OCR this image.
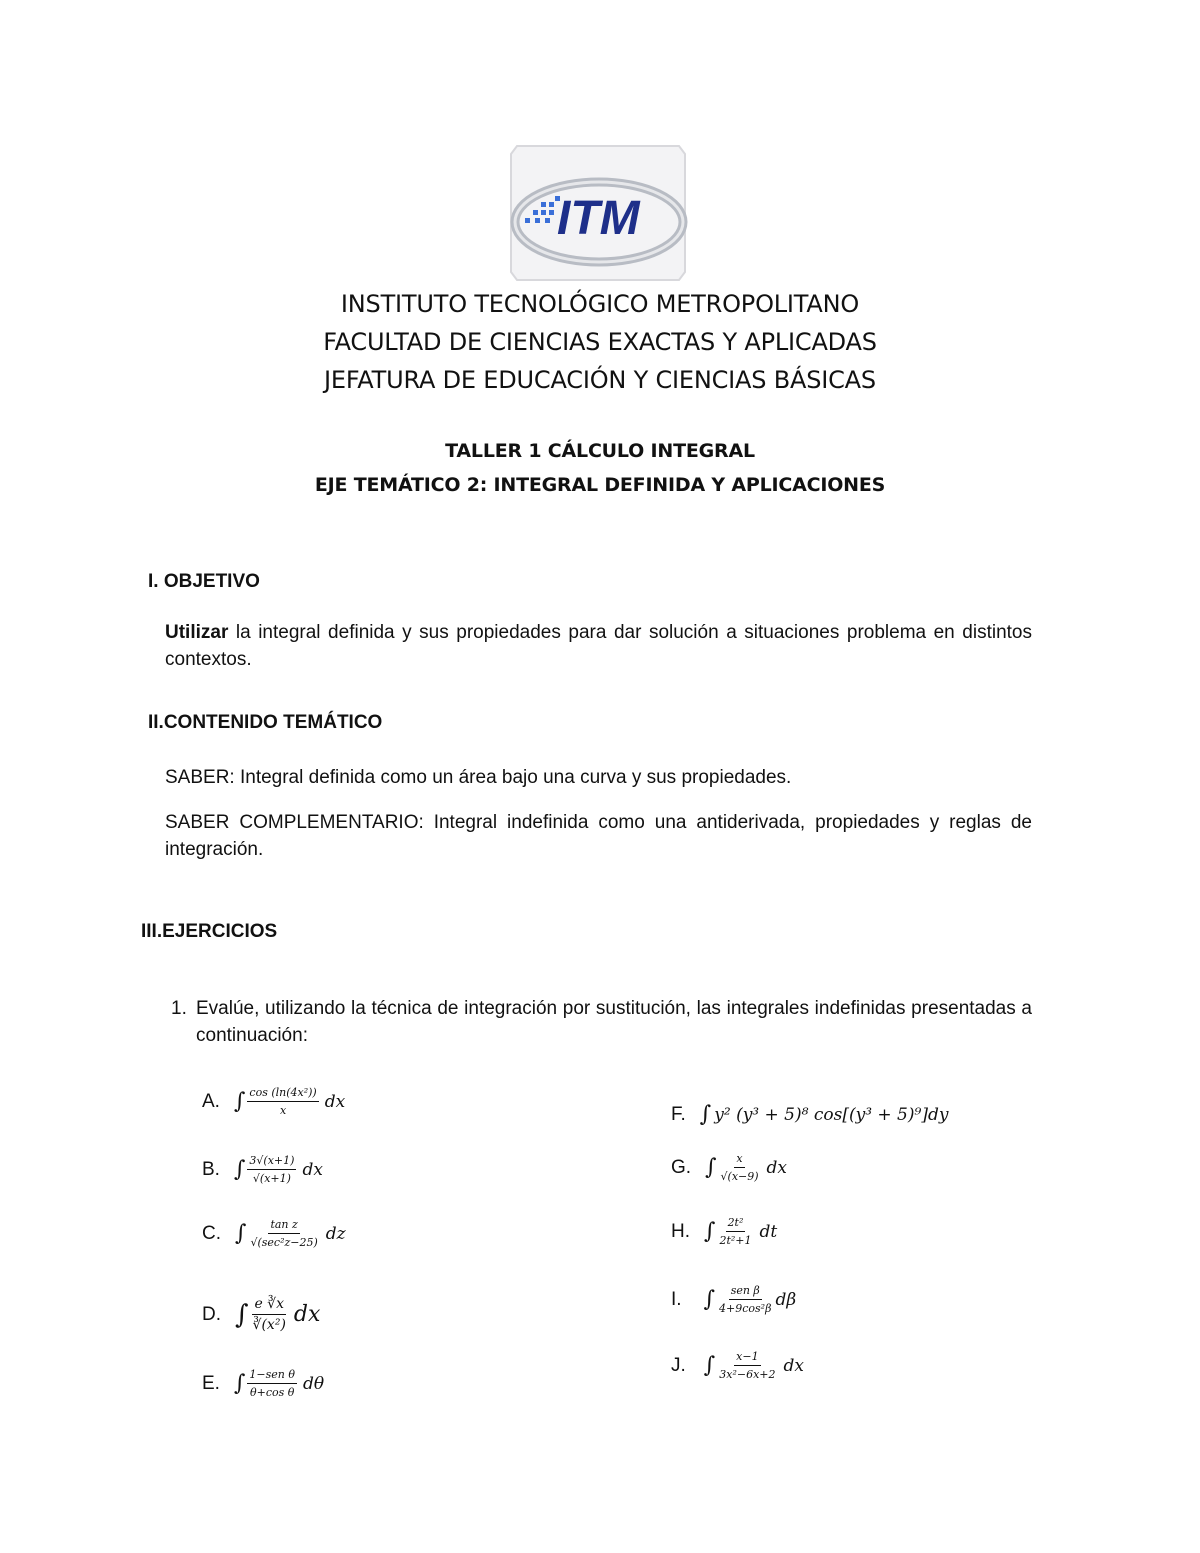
ITM
INSTITUTO TECNOLÓGICO METROPOLITANO
FACULTAD DE CIENCIAS EXACTAS Y APLICADAS
JEFATURA DE EDUCACIÓN Y CIENCIAS BÁSICAS
TALLER 1 CÁLCULO INTEGRAL
EJE TEMÁTICO 2: INTEGRAL DEFINIDA Y APLICACIONES
I. OBJETIVO
Utilizar la integral definida y sus propiedades para dar solución a situaciones problema en distintos contextos.
II.CONTENIDO TEMÁTICO
SABER: Integral definida como un área bajo una curva y sus propiedades.
SABER COMPLEMENTARIO: Integral indefinida como una antiderivada, propiedades y reglas de integración.
III.EJERCICIOS
1. Evalúe, utilizando la técnica de integración por sustitución, las integrales indefinidas presentadas a continuación:
A. ∫ $\frac{\text{cos (ln(4x²))}}{x}$ dx
B. ∫ $\frac{3√(x+1)}{√(x+1)}$ dx
C. ∫ $\frac{\text{tan z}}{\text{√(sec²z−25)}}$ dz
D. ∫ $\frac{e ∛x}{\text{∛(x²)}}$ dx
E. ∫ $\frac{\text{1−sen θ}}{\text{θ+cos θ}}$ dθ
F. ∫ y² (y³ + 5)⁸ cos[(y³ + 5)⁹]dy
G. ∫ $\frac{x}{√(x-9)}$ dx
H. ∫ $\frac{\text{2t²}}{\text{2t²+1}}$ dt
I. ∫ $\frac{\text{sen β}}{\text{4+9cos²β}}$ dβ
J. ∫ $\frac{x-1}{\text{3x²−6x+2}}$ dx
